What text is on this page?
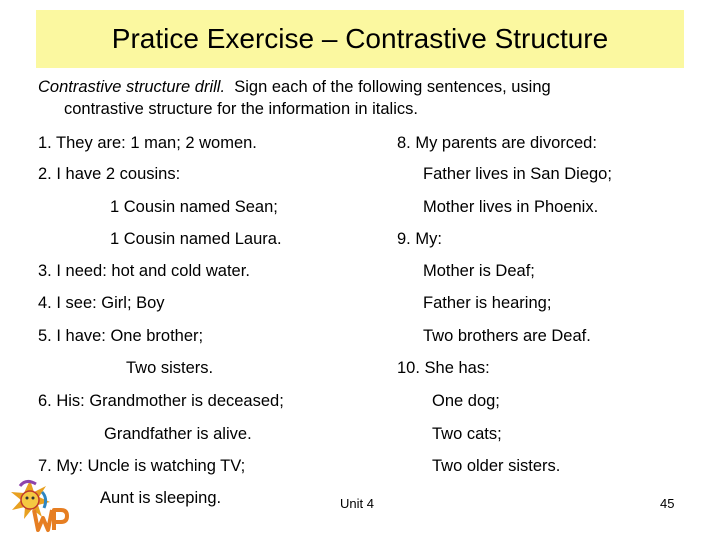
Pratice Exercise – Contrastive Structure
Contrastive structure drill.  Sign each of the following sentences, using
contrastive structure for the information in italics.
1. They are: 1 man; 2 women.
2. I have 2 cousins:
1 Cousin named Sean;
1 Cousin named Laura.
3. I need: hot and cold water.
4. I see: Girl; Boy
5. I have: One brother;
Two sisters.
6. His: Grandmother is deceased;
Grandfather is alive.
7. My: Uncle is watching TV;
Aunt is sleeping.
8. My parents are divorced:
Father lives in San Diego;
Mother lives in Phoenix.
9. My:
Mother is Deaf;
Father is hearing;
Two brothers are Deaf.
10. She has:
One dog;
Two cats;
Two older sisters.
Unit 4	45
